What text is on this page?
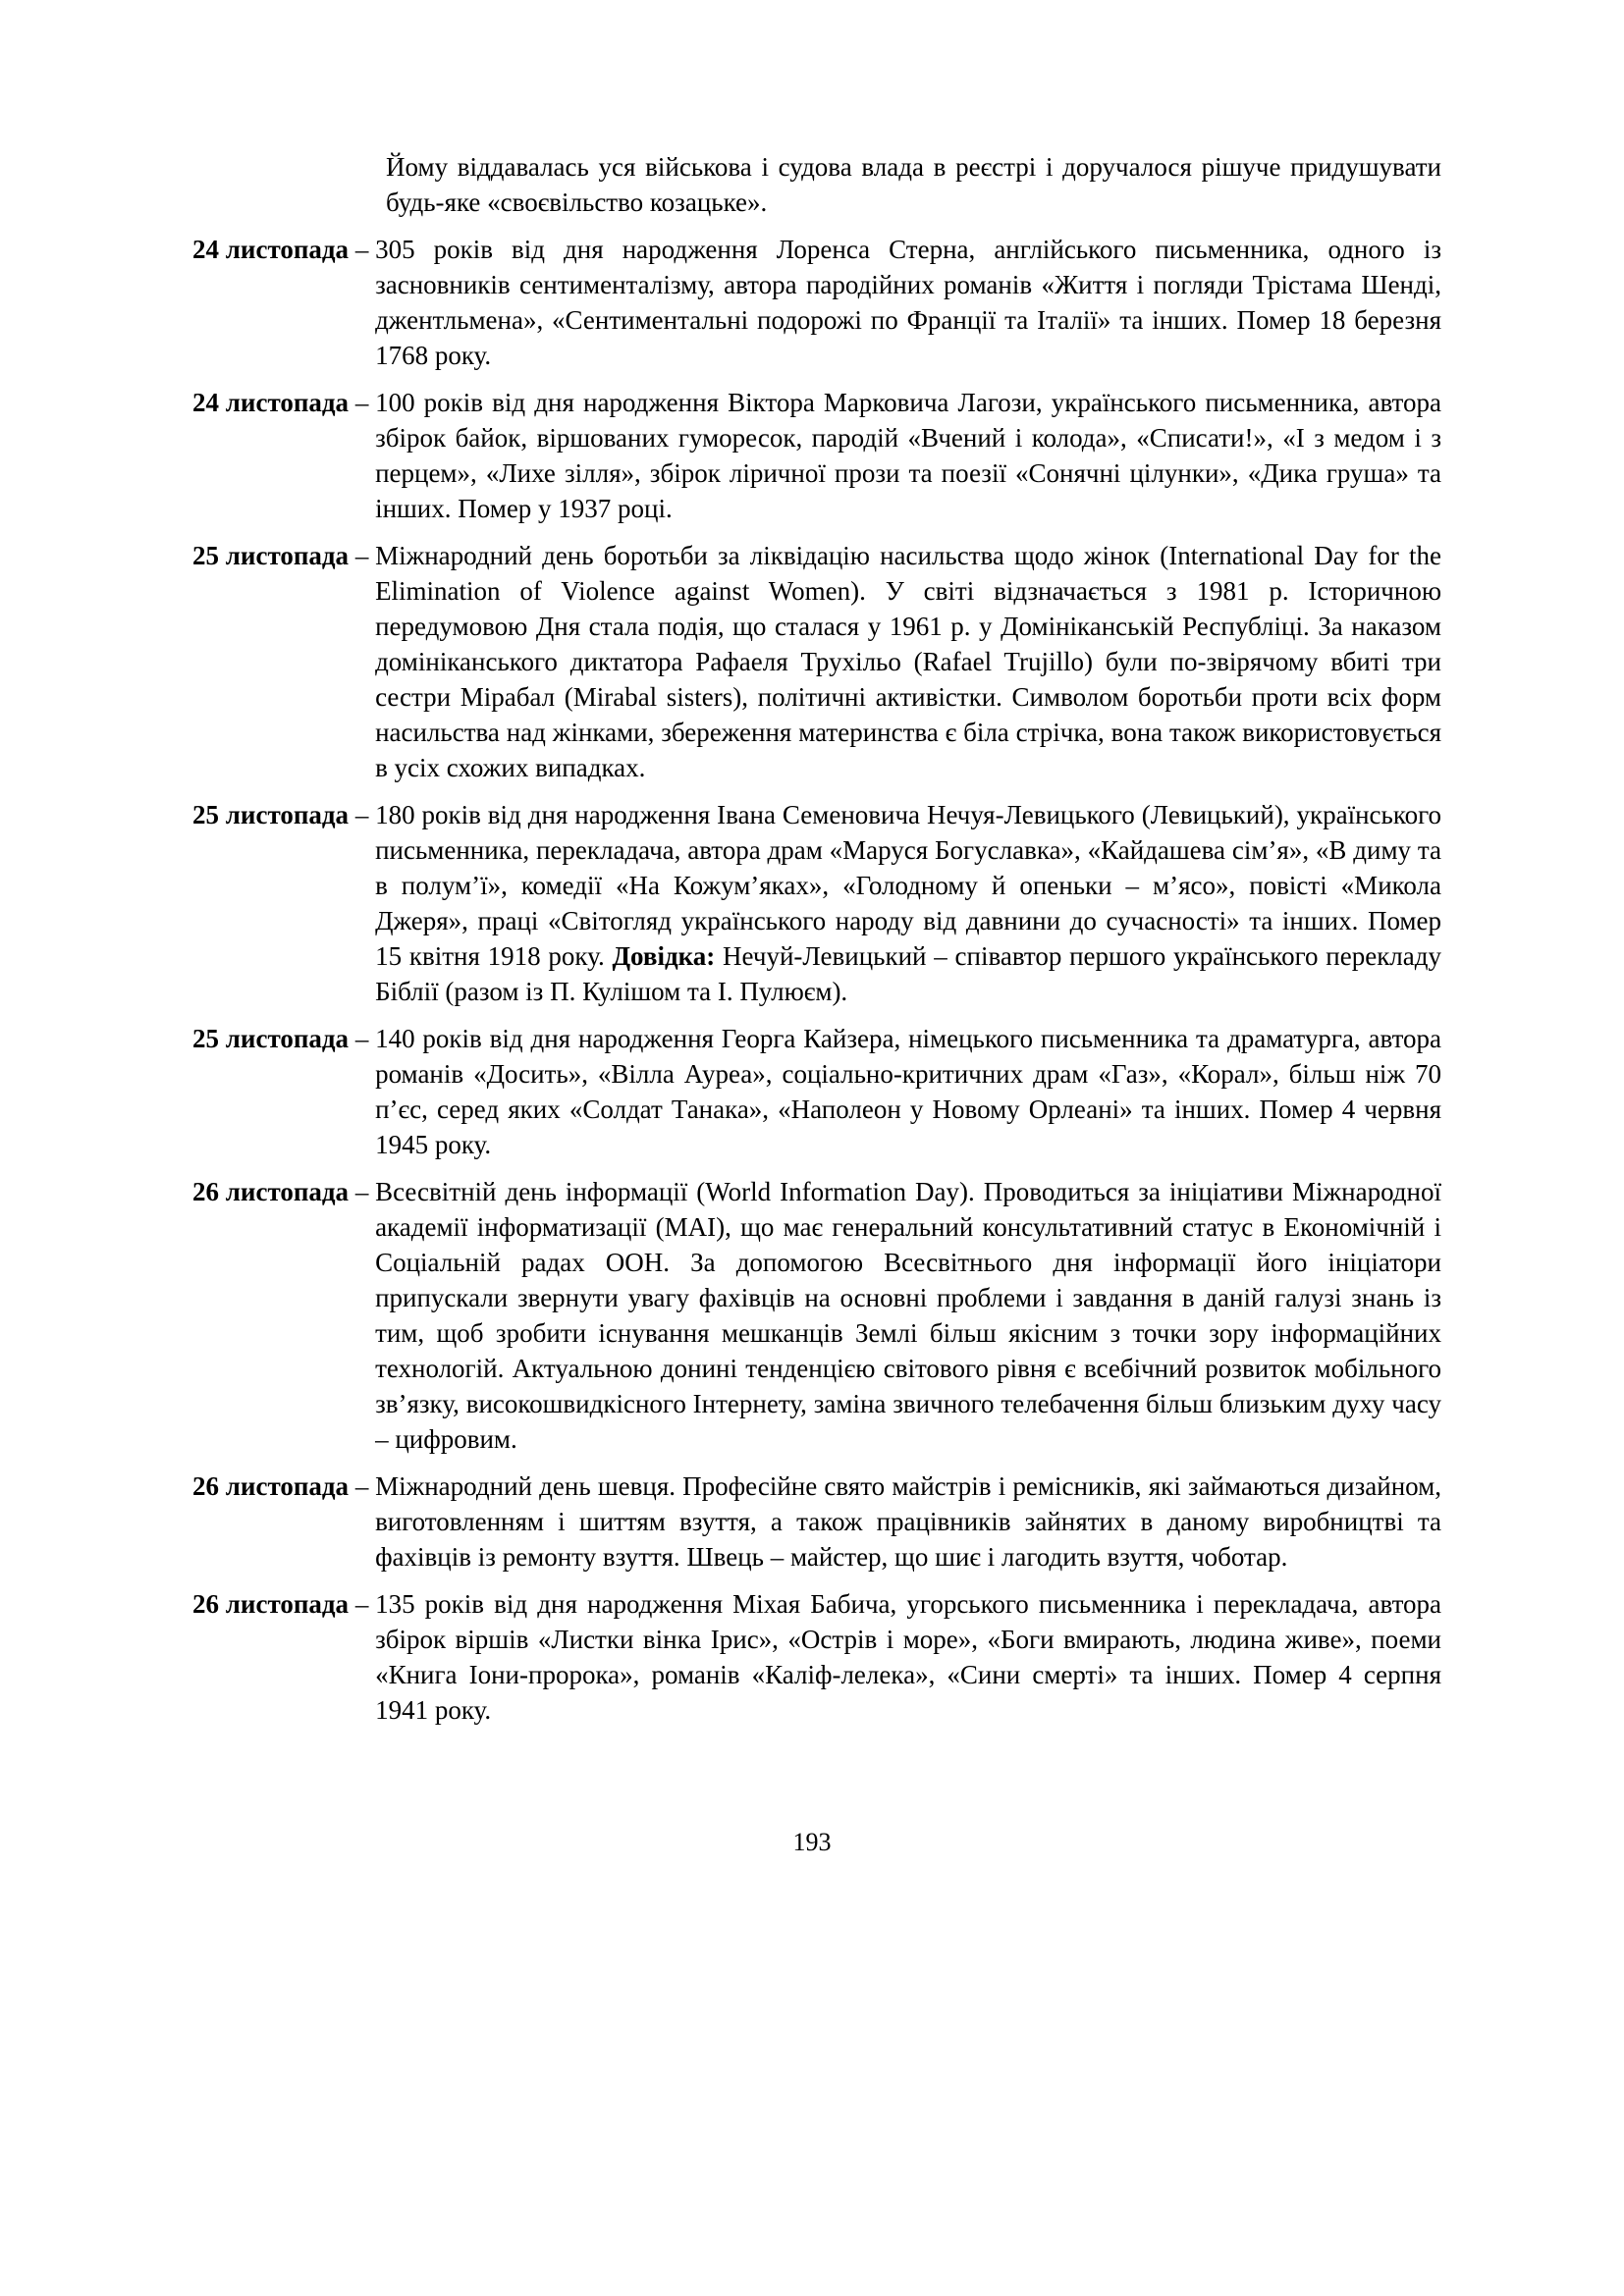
Йому віддавалась уся військова і судова влада в реєстрі і доручалося рішуче придушувати будь-яке «своєвільство козацьке».
24 листопада – 305 років від дня народження Лоренса Стерна, англійського письменника, одного із засновників сентименталізму, автора пародійних романів «Життя і погляди Трістама Шенді, джентльмена», «Сентиментальні подорожі по Франції та Італії» та інших. Помер 18 березня 1768 року.
24 листопада – 100 років від дня народження Віктора Марковича Лагози, українського письменника, автора збірок байок, віршованих гуморесок, пародій «Вчений і колода», «Списати!», «І з медом і з перцем», «Лихе зілля», збірок ліричної прози та поезії «Сонячні цілунки», «Дика груша» та інших. Помер у 1937 році.
25 листопада – Міжнародний день боротьби за ліквідацію насильства щодо жінок (International Day for the Elimination of Violence against Women). У світі відзначається з 1981 р. Історичною передумовою Дня стала подія, що сталася у 1961 р. у Домініканській Республіці. За наказом домініканського диктатора Рафаеля Трухільо (Rafael Trujillo) були по-звірячому вбиті три сестри Мірабал (Mirabal sisters), політичні активістки. Символом боротьби проти всіх форм насильства над жінками, збереження материнства є біла стрічка, вона також використовується в усіх схожих випадках.
25 листопада – 180 років від дня народження Івана Семеновича Нечуя-Левицького (Левицький), українського письменника, перекладача, автора драм «Маруся Богуславка», «Кайдашева сім’я», «В диму та в полум’ї», комедії «На Кожум’яках», «Голодному й опеньки – м’ясо», повісті «Микола Джеря», праці «Світогляд українського народу від давнини до сучасності» та інших. Помер 15 квітня 1918 року. Довідка: Нечуй-Левицький – співавтор першого українського перекладу Біблії (разом із П. Кулішом та І. Пулюєм).
25 листопада – 140 років від дня народження Георга Кайзера, німецького письменника та драматурга, автора романів «Досить», «Вілла Ауреа», соціально-критичних драм «Газ», «Корал», більш ніж 70 п’єс, серед яких «Солдат Танака», «Наполеон у Новому Орлеані» та інших. Помер 4 червня 1945 року.
26 листопада – Всесвітній день інформації (World Information Day). Проводиться за ініціативи Міжнародної академії інформатизації (МАІ), що має генеральний консультативний статус в Економічній і Соціальній радах ООН. За допомогою Всесвітнього дня інформації його ініціатори припускали звернути увагу фахівців на основні проблеми і завдання в даній галузі знань із тим, щоб зробити існування мешканців Землі більш якісним з точки зору інформаційних технологій. Актуальною донині тенденцією світового рівня є всебічний розвиток мобільного зв’язку, високошвидкісного Інтернету, заміна звичного телебачення більш близьким духу часу – цифровим.
26 листопада – Міжнародний день шевця. Професійне свято майстрів і ремісників, які займаються дизайном, виготовленням і шиттям взуття, а також працівників зайнятих в даному виробництві та фахівців із ремонту взуття. Швець – майстер, що шиє і лагодить взуття, чоботар.
26 листопада – 135 років від дня народження Міхая Бабича, угорського письменника і перекладача, автора збірок віршів «Листки вінка Ірис», «Острів і море», «Боги вмирають, людина живе», поеми «Книга Іони-пророка», романів «Каліф-лелека», «Сини смерті» та інших. Помер 4 серпня 1941 року.
193
